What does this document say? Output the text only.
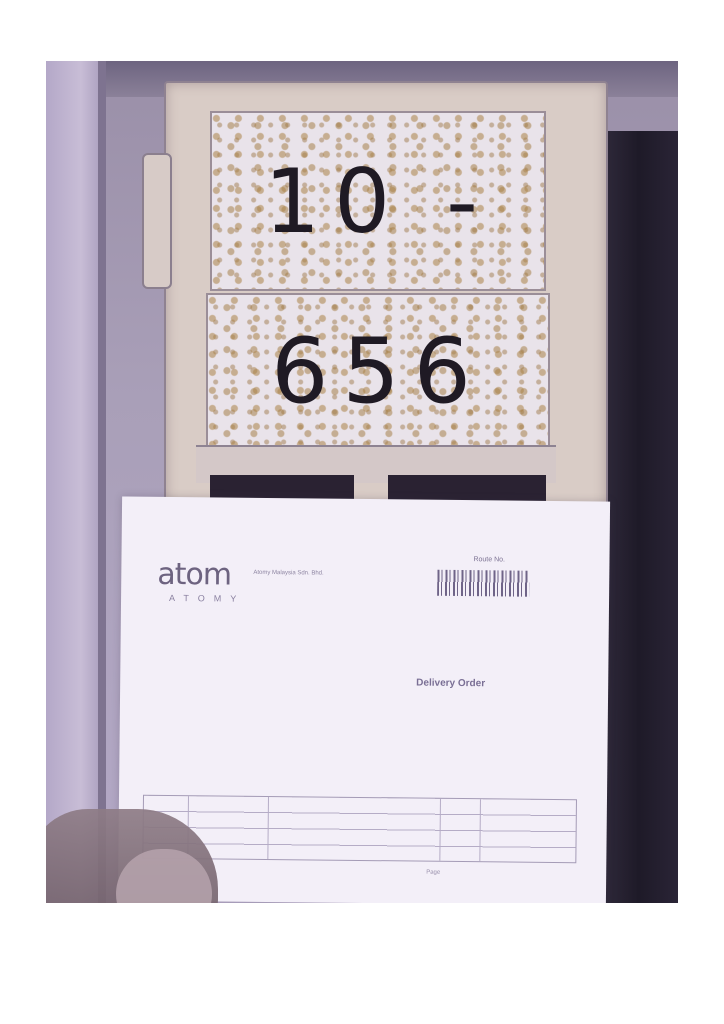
10 -
656
atom
ATOMY
Atomy Malaysia Sdn. Bhd.
Route No.
Delivery Order
Page
